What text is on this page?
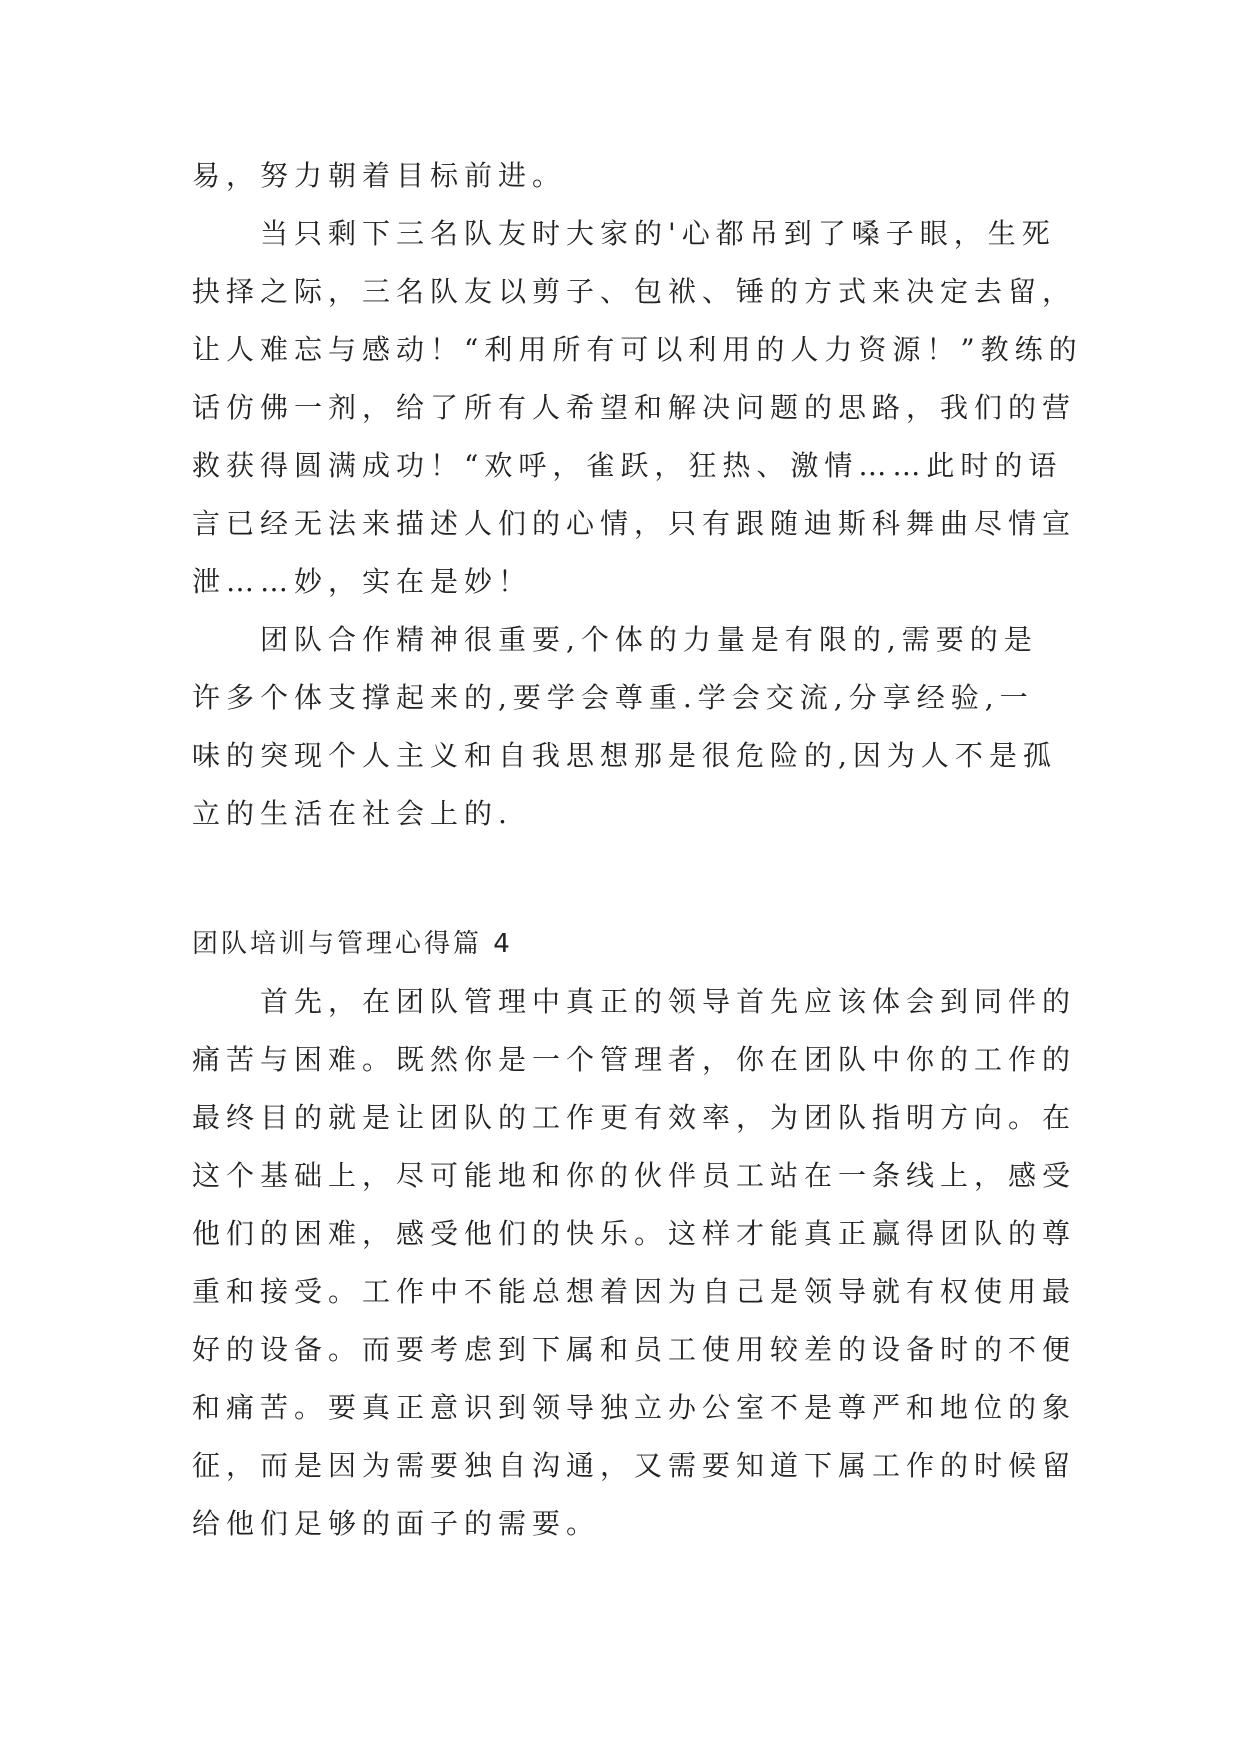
易，努力朝着目标前进。
当只剩下三名队友时大家的'心都吊到了嗓子眼，生死
抉择之际，三名队友以剪子、包袱、锤的方式来决定去留，
让人难忘与感动！“利用所有可以利用的人力资源！”教练的
话仿佛一剂，给了所有人希望和解决问题的思路，我们的营
救获得圆满成功！“欢呼，雀跃，狂热、激情……此时的语
言已经无法来描述人们的心情，只有跟随迪斯科舞曲尽情宣
泄……妙，实在是妙！
团队合作精神很重要,个体的力量是有限的,需要的是
许多个体支撑起来的,要学会尊重.学会交流,分享经验,一
味的突现个人主义和自我思想那是很危险的,因为人不是孤
立的生活在社会上的.
团队培训与管理心得篇 4
首先，在团队管理中真正的领导首先应该体会到同伴的
痛苦与困难。既然你是一个管理者，你在团队中你的工作的
最终目的就是让团队的工作更有效率，为团队指明方向。在
这个基础上，尽可能地和你的伙伴员工站在一条线上，感受
他们的困难，感受他们的快乐。这样才能真正赢得团队的尊
重和接受。工作中不能总想着因为自己是领导就有权使用最
好的设备。而要考虑到下属和员工使用较差的设备时的不便
和痛苦。要真正意识到领导独立办公室不是尊严和地位的象
征，而是因为需要独自沟通，又需要知道下属工作的时候留
给他们足够的面子的需要。
